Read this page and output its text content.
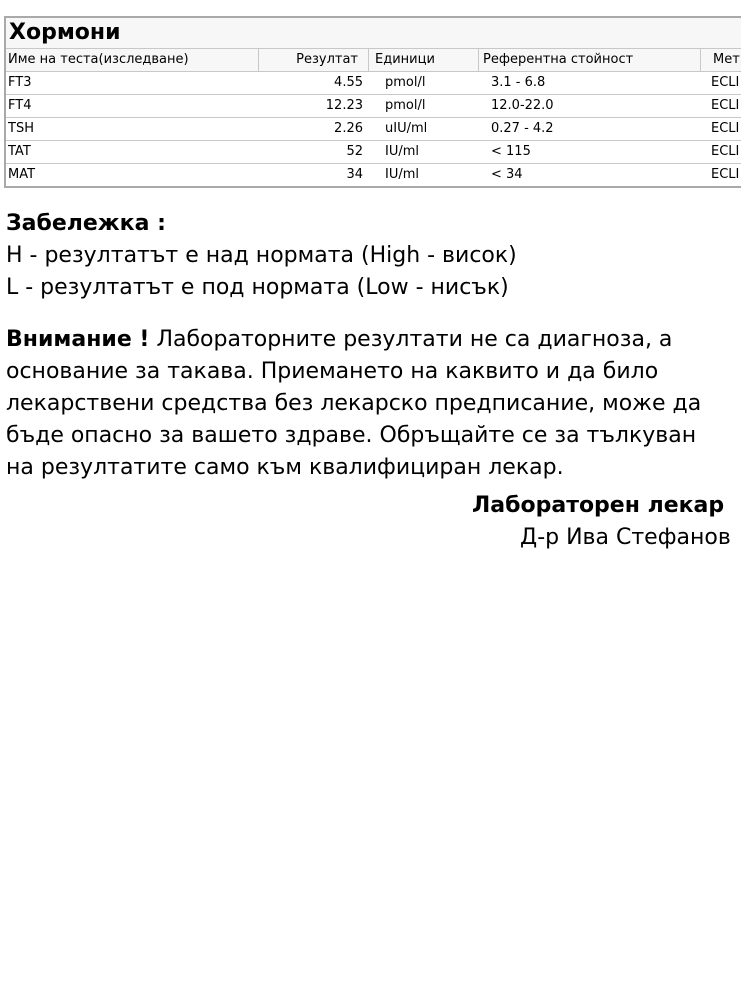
Хормони
Име на теста(изследване)	Резултат	Единици	Референтна стойност	Мет
FT3	4.55	pmol/l	3.1 - 6.8	ECLI
FT4	12.23	pmol/l	12.0-22.0	ECLI
TSH	2.26	uIU/ml	0.27 - 4.2	ECLI
TAT	52	IU/ml	< 115	ECLI
MAT	34	IU/ml	< 34	ECLI
Забележка :
H - резултатът е над нормата (High - висок)
L - резултатът е под нормата (Low - нисък)
Внимание ! Лабораторните резултати не са диагноза, а
основание за такава. Приемането на каквито и да било
лекарствени средства без лекарско предписание, може да
бъде опасно за вашето здраве. Обръщайте се за тълкуван
на резултатите само към квалифициран лекар.
Лабораторен лекар
Д-р Ива Стефанов
